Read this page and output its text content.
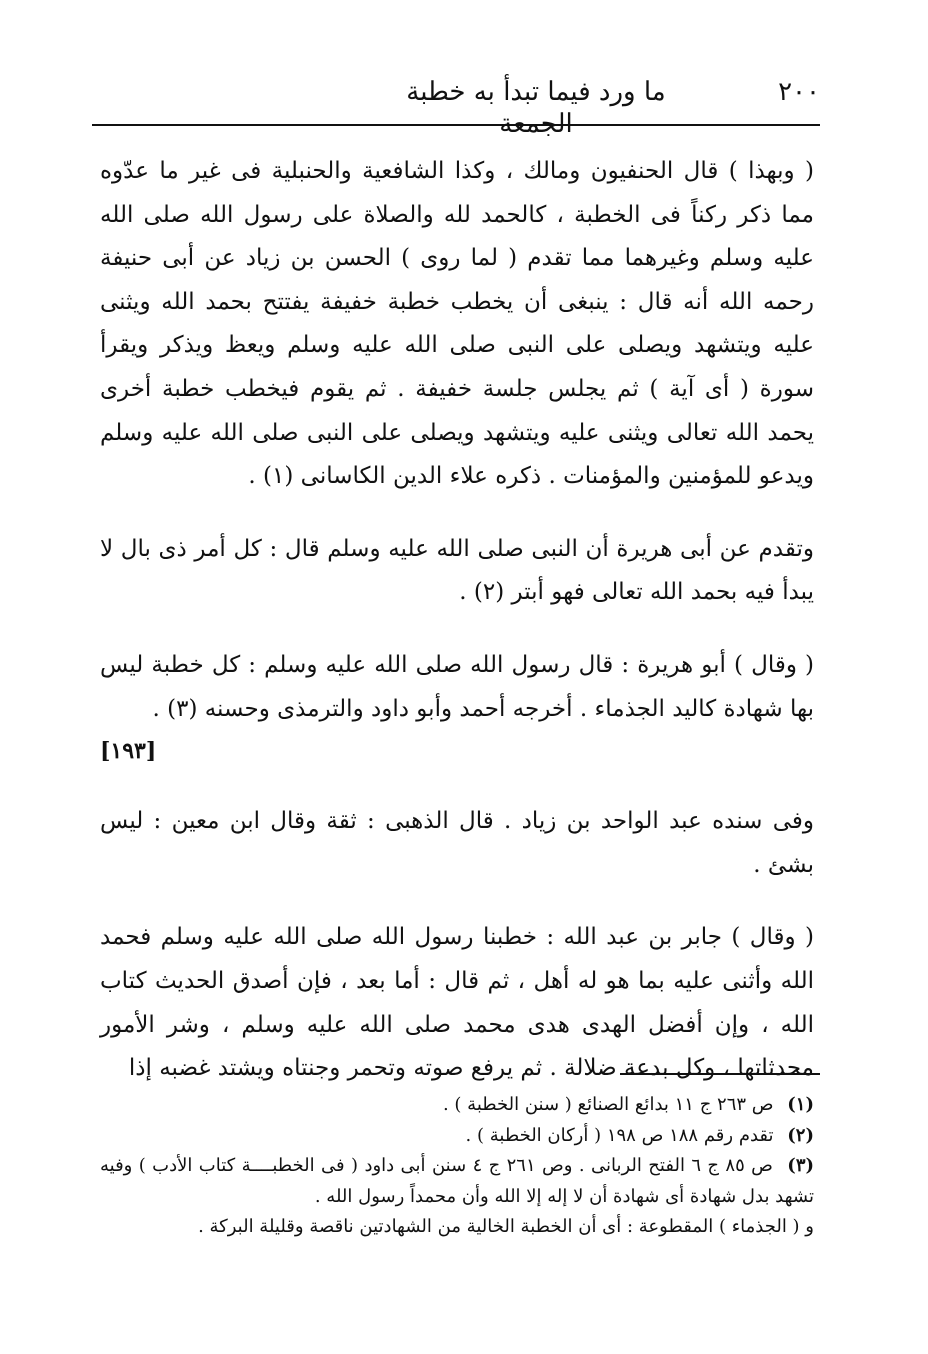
٢٠٠
ما ورد فيما تبدأ به خطبة الجمعة

( وبهذا ) قال الحنفيون ومالك ، وكذا الشافعية والحنبلية فى غير ما عدّوه مما ذكر ركناً فى الخطبة ، كالحمد لله والصلاة على رسول الله صلى الله عليه وسلم وغيرهما مما تقدم ( لما روى ) الحسن بن زياد عن أبى حنيفة رحمه الله أنه قال : ينبغى أن يخطب خطبة خفيفة يفتتح بحمد الله ويثنى عليه ويتشهد ويصلى على النبى صلى الله عليه وسلم ويعظ ويذكر ويقرأ سورة ( أى آية ) ثم يجلس جلسة خفيفة . ثم يقوم فيخطب خطبة أخرى يحمد الله تعالى ويثنى عليه ويتشهد ويصلى على النبى صلى الله عليه وسلم ويدعو للمؤمنين والمؤمنات . ذكره علاء الدين الكاسانى (١) .

وتقدم عن أبى هريرة أن النبى صلى الله عليه وسلم قال : كل أمر ذى بال لا يبدأ فيه بحمد الله تعالى فهو أبتر (٢) .

( وقال ) أبو هريرة : قال رسول الله صلى الله عليه وسلم : كل خطبة ليس بها شهادة كاليد الجذماء . أخرجه أحمد وأبو داود والترمذى وحسنه (٣) .

[١٩٣]

وفى سنده عبد الواحد بن زياد . قال الذهبى : ثقة وقال ابن معين : ليس بشئ .

( وقال ) جابر بن عبد الله : خطبنا رسول الله صلى الله عليه وسلم فحمد الله وأثنى عليه بما هو له أهل ، ثم قال : أما بعد ، فإن أصدق الحديث كتاب الله ، وإن أفضل الهدى هدى محمد صلى الله عليه وسلم ، وشر الأمور محدثاتها ، وكل بدعة ضلالة . ثم يرفع صوته وتحمر وجنتاه ويشتد غضبه إذا

(١) ص ٢٦٣ ج ١١ بدائع الصنائع ( سنن الخطبة ) .

(٢) تقدم رقم ١٨٨ ص ١٩٨ ( أركان الخطبة ) .

(٣) ص ٨٥ ج ٦ الفتح الربانى . وص ٢٦١ ج ٤ سنن أبى داود ( فى الخطبــــة كتاب الأدب ) وفيه تشهد بدل شهادة أى شهادة أن لا إله إلا الله وأن محمداً رسول الله .

و ( الجذماء ) المقطوعة : أى أن الخطبة الخالية من الشهادتين ناقصة وقليلة البركة .
